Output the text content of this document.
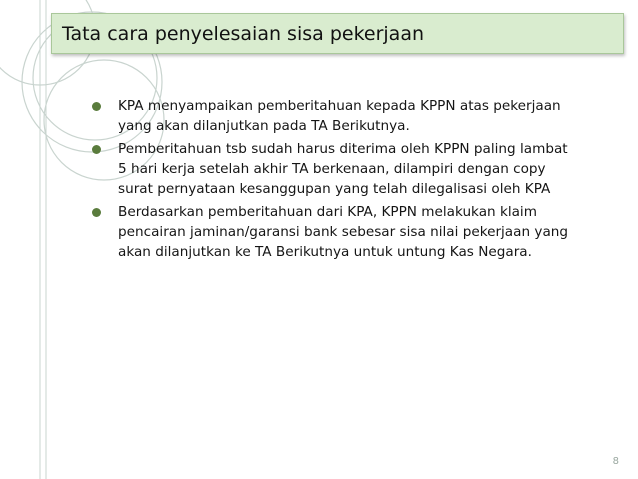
Tata cara penyelesaian sisa pekerjaan
KPA menyampaikan pemberitahuan kepada KPPN atas pekerjaan
yang akan dilanjutkan pada TA Berikutnya.
Pemberitahuan tsb sudah harus diterima oleh KPPN paling lambat
5 hari kerja setelah akhir TA berkenaan, dilampiri dengan copy
surat pernyataan kesanggupan yang telah dilegalisasi oleh KPA
Berdasarkan pemberitahuan dari KPA, KPPN melakukan klaim
pencairan jaminan/garansi bank sebesar sisa nilai pekerjaan yang
akan dilanjutkan ke TA Berikutnya untuk untung Kas Negara.
8
